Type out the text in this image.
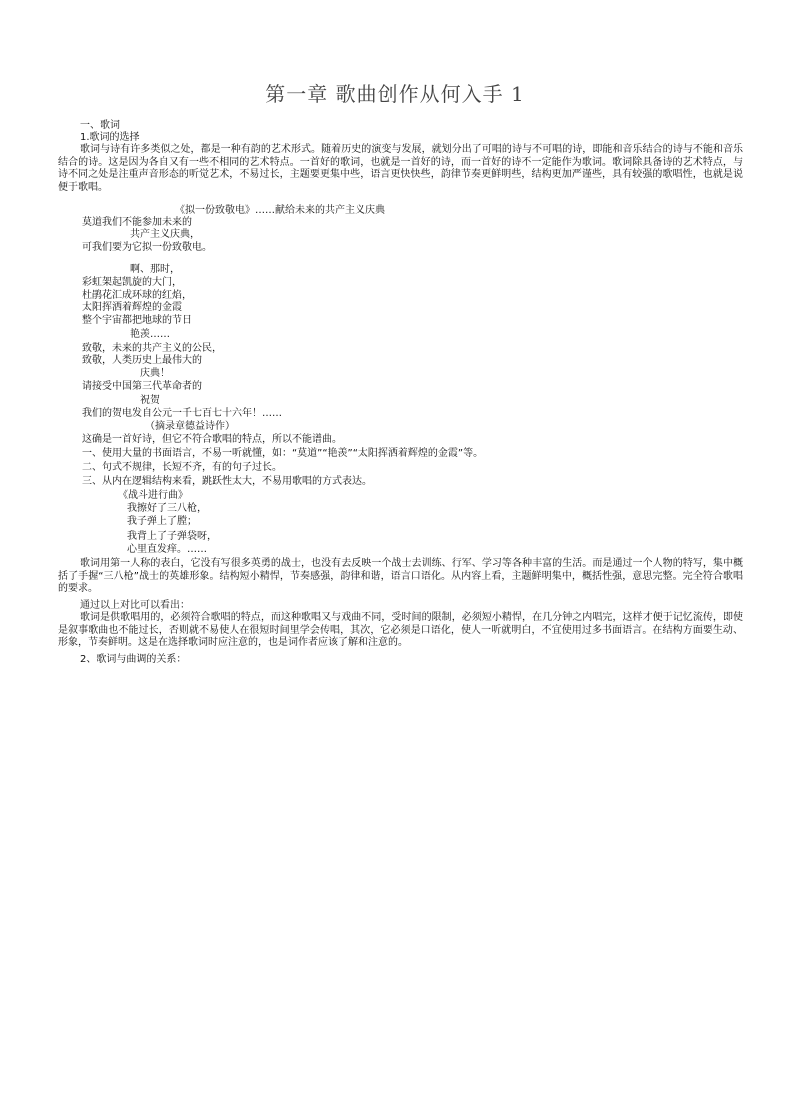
第一章 歌曲创作从何入手 1
一、歌词
1.歌词的选择
歌词与诗有许多类似之处，都是一种有韵的艺术形式。随着历史的演变与发展，就划分出了可唱的诗与不可唱的诗，即能和音乐结合的诗与不能和音乐结合的诗。这是因为各自又有一些不相同的艺术特点。一首好的歌词，也就是一首好的诗，而一首好的诗不一定能作为歌词。歌词除具备诗的艺术特点，与诗不同之处是注重声音形态的听觉艺术，不易过长，主题要更集中些，语言更快快些，韵律节奏更鲜明些，结构更加严谨些，具有较强的歌唱性，也就是说便于歌唱。
《拟一份致敬电》……献给未来的共产主义庆典
莫道我们不能参加未来的
共产主义庆典，
可我们要为它拟一份致敬电。
啊、那时，
彩虹架起凯旋的大门，
杜鹃花汇成环球的红焰，
太阳挥洒着辉煌的金霞
整个宇宙都把地球的节日
艳羡……
致敬，未来的共产主义的公民，
致敬，人类历史上最伟大的
庆典！
请接受中国第三代革命者的
祝贺
我们的贺电发自公元一千七百七十六年！……
（摘录章德益诗作）
这确是一首好诗，但它不符合歌唱的特点，所以不能谱曲。
一、使用大量的书面语言，不易一听就懂，如：“莫道”“艳羡”“太阳挥洒着辉煌的金霞”等。
二、句式不规律，长短不齐，有的句子过长。
三、从内在逻辑结构来看，跳跃性太大，不易用歌唱的方式表达。
《战斗进行曲》
我擦好了三八枪，
我子弹上了膛；
我背上了子弹袋呀，
心里直发痒。……
歌词用第一人称的表白，它没有写很多英勇的战士，也没有去反映一个战士去训练、行军、学习等各种丰富的生活。而是通过一个人物的特写，集中概括了手握“三八枪”战士的英雄形象。结构短小精悍，节奏感强，韵律和谐，语言口语化。从内容上看，主题鲜明集中，概括性强，意思完整。完全符合歌唱的要求。
通过以上对比可以看出：
歌词是供歌唱用的，必须符合歌唱的特点，而这种歌唱又与戏曲不同，受时间的限制，必须短小精悍，在几分钟之内唱完，这样才便于记忆流传，即使是叙事歌曲也不能过长，否则就不易使人在很短时间里学会传唱，其次，它必须是口语化，使人一听就明白，不宜使用过多书面语言。在结构方面要生动、形象，节奏鲜明。这是在选择歌词时应注意的，也是词作者应该了解和注意的。
2、歌词与曲调的关系：
